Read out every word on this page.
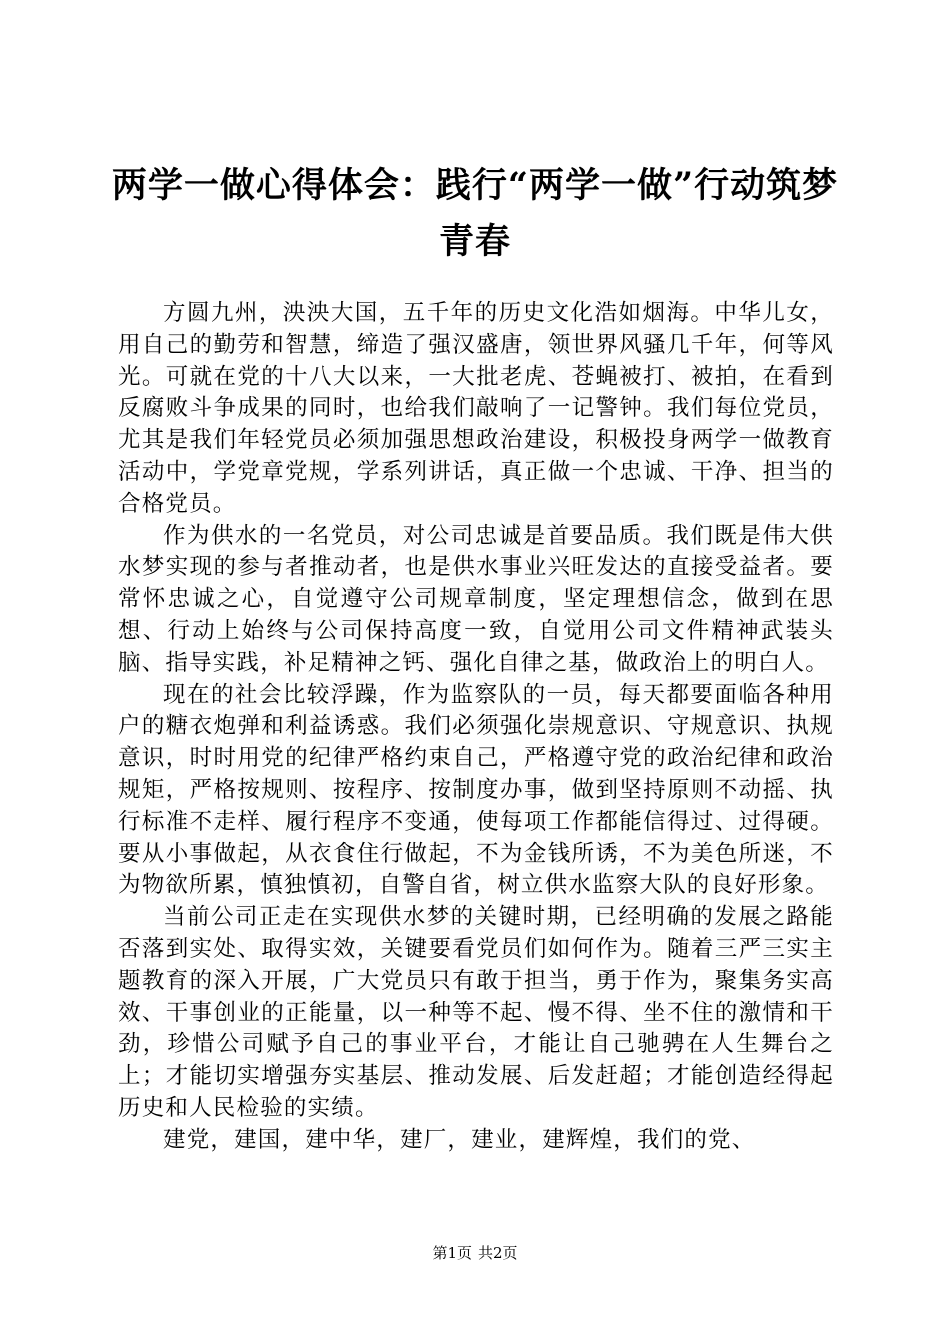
两学一做心得体会：践行“两学一做”行动筑梦青春

方圆九州，泱泱大国，五千年的历史文化浩如烟海。中华儿女，用自己的勤劳和智慧，缔造了强汉盛唐，领世界风骚几千年，何等风光。可就在党的十八大以来，一大批老虎、苍蝇被打、被拍，在看到反腐败斗争成果的同时，也给我们敲响了一记警钟。我们每位党员，尤其是我们年轻党员必须加强思想政治建设，积极投身两学一做教育活动中，学党章党规，学系列讲话，真正做一个忠诚、干净、担当的合格党员。

作为供水的一名党员，对公司忠诚是首要品质。我们既是伟大供水梦实现的参与者推动者，也是供水事业兴旺发达的直接受益者。要常怀忠诚之心，自觉遵守公司规章制度，坚定理想信念，做到在思想、行动上始终与公司保持高度一致，自觉用公司文件精神武装头脑、指导实践，补足精神之钙、强化自律之基，做政治上的明白人。

现在的社会比较浮躁，作为监察队的一员，每天都要面临各种用户的糖衣炮弹和利益诱惑。我们必须强化崇规意识、守规意识、执规意识，时时用党的纪律严格约束自己，严格遵守党的政治纪律和政治规矩，严格按规则、按程序、按制度办事，做到坚持原则不动摇、执行标准不走样、履行程序不变通，使每项工作都能信得过、过得硬。要从小事做起，从衣食住行做起，不为金钱所诱，不为美色所迷，不为物欲所累，慎独慎初，自警自省，树立供水监察大队的良好形象。

当前公司正走在实现供水梦的关键时期，已经明确的发展之路能否落到实处、取得实效，关键要看党员们如何作为。随着三严三实主题教育的深入开展，广大党员只有敢于担当，勇于作为，聚集务实高效、干事创业的正能量，以一种等不起、慢不得、坐不住的激情和干劲，珍惜公司赋予自己的事业平台，才能让自己驰骋在人生舞台之上；才能切实增强夯实基层、推动发展、后发赶超；才能创造经得起历史和人民检验的实绩。

建党，建国，建中华，建厂，建业，建辉煌，我们的党、

第1页 共2页
